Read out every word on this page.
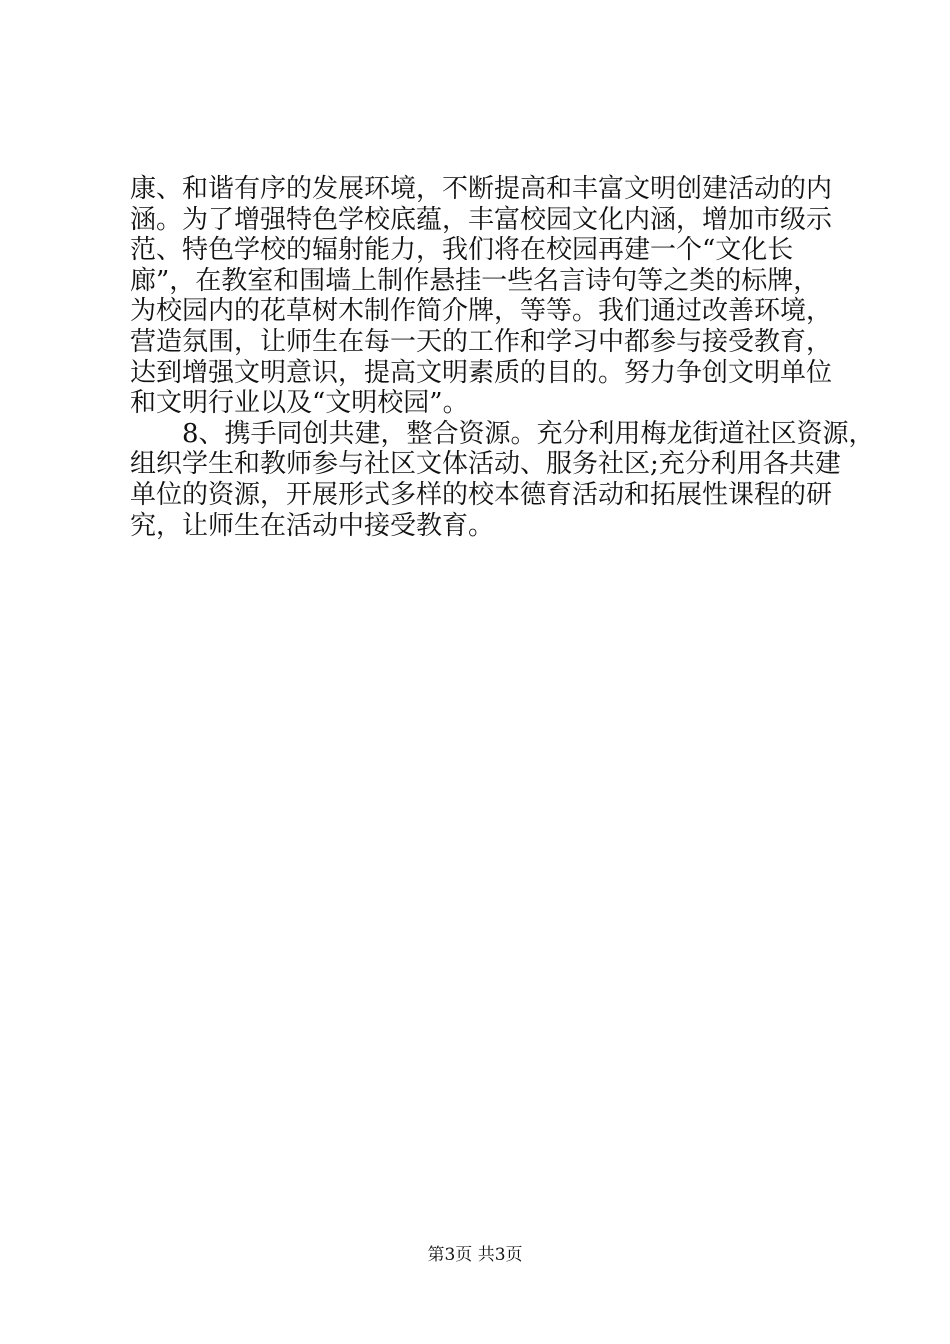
康、和谐有序的发展环境，不断提高和丰富文明创建活动的内

涵。为了增强特色学校底蕴，丰富校园文化内涵，增加市级示

范、特色学校的辐射能力，我们将在校园再建一个“文化长

廊”，在教室和围墙上制作悬挂一些名言诗句等之类的标牌，

为校园内的花草树木制作简介牌，等等。我们通过改善环境，

营造氛围，让师生在每一天的工作和学习中都参与接受教育，

达到增强文明意识，提高文明素质的目的。努力争创文明单位

和文明行业以及“文明校园”。

　　8、携手同创共建，整合资源。充分利用梅龙街道社区资源，

组织学生和教师参与社区文体活动、服务社区;充分利用各共建

单位的资源，开展形式多样的校本德育活动和拓展性课程的研

究，让师生在活动中接受教育。

第3页 共3页
